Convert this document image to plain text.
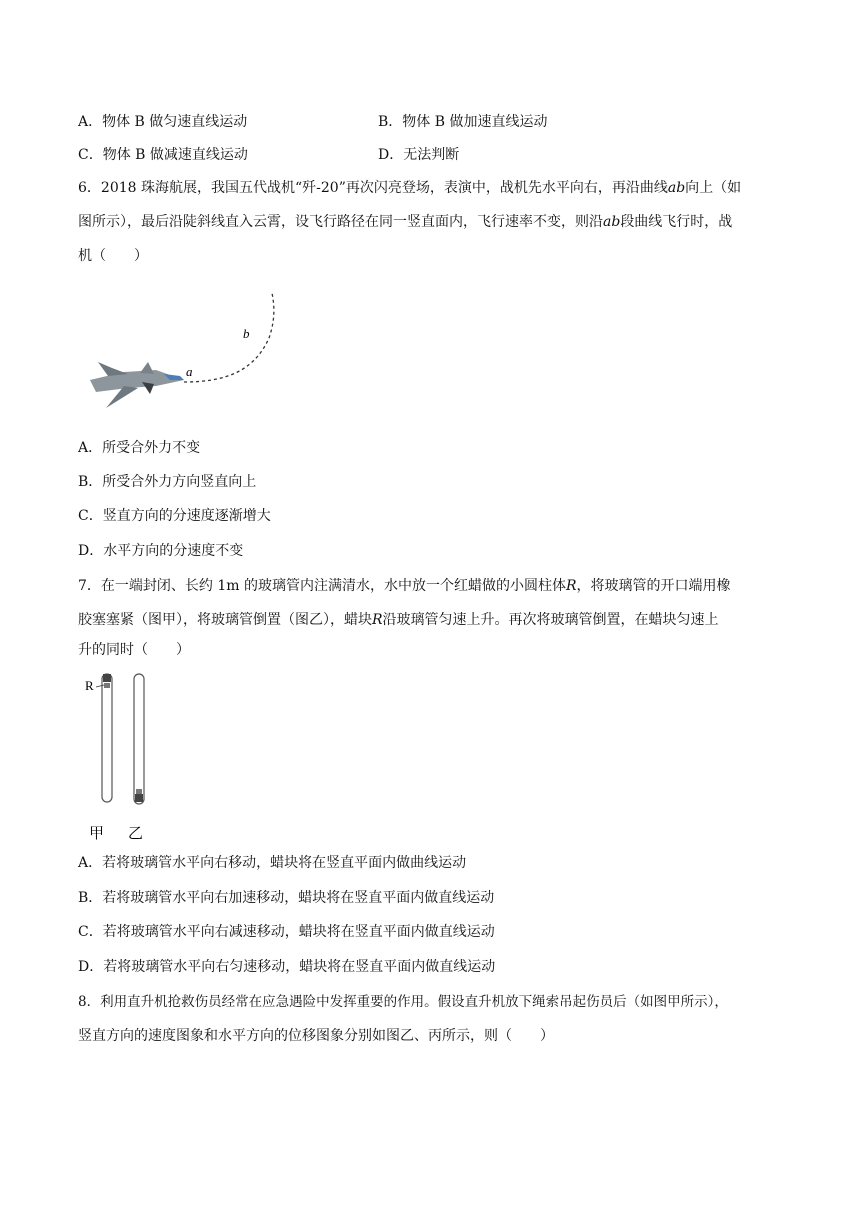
A．物体 B 做匀速直线运动	B．物体 B 做加速直线运动
C．物体 B 做减速直线运动	D．无法判断
6．2018 珠海航展，我国五代战机“歼-20”再次闪亮登场，表演中，战机先水平向右，再沿曲线ab向上（如
图所示），最后沿陡斜线直入云霄，设飞行路径在同一竖直面内，飞行速率不变，则沿ab段曲线飞行时，战
机（　　）
a
b
A．所受合外力不变
B．所受合外力方向竖直向上
C．竖直方向的分速度逐渐增大
D．水平方向的分速度不变
7．在一端封闭、长约 1m 的玻璃管内注满清水，水中放一个红蜡做的小圆柱体R，将玻璃管的开口端用橡
胶塞塞紧（图甲），将玻璃管倒置（图乙），蜡块R沿玻璃管匀速上升。再次将玻璃管倒置，在蜡块匀速上
升的同时（　　）
R
甲 乙
A．若将玻璃管水平向右移动，蜡块将在竖直平面内做曲线运动
B．若将玻璃管水平向右加速移动，蜡块将在竖直平面内做直线运动
C．若将玻璃管水平向右减速移动，蜡块将在竖直平面内做直线运动
D．若将玻璃管水平向右匀速移动，蜡块将在竖直平面内做直线运动
8．利用直升机抢救伤员经常在应急遇险中发挥重要的作用。假设直升机放下绳索吊起伤员后（如图甲所示），
竖直方向的速度图象和水平方向的位移图象分别如图乙、丙所示，则（　　）
